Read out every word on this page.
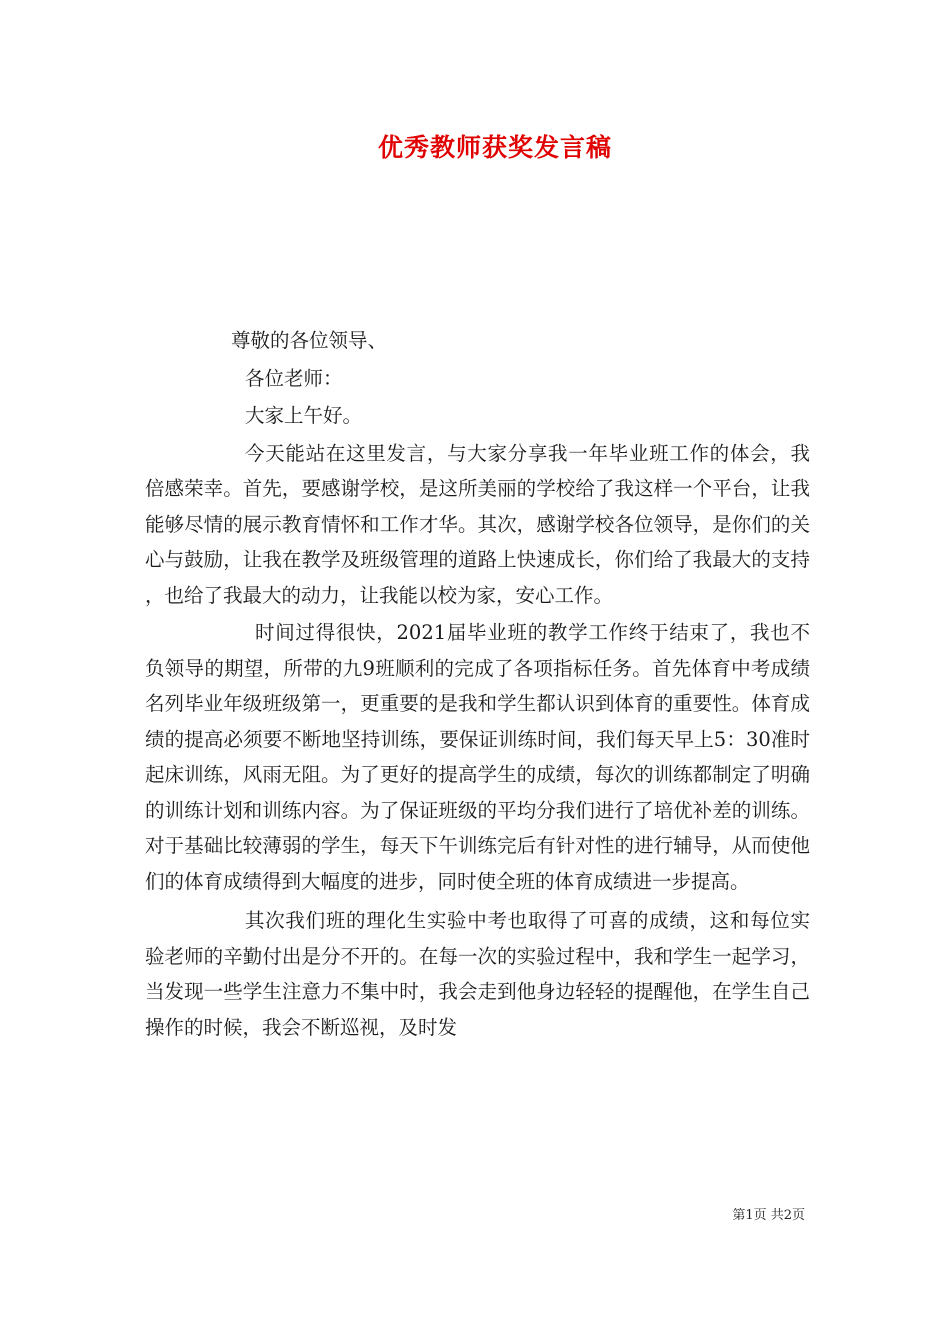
优秀教师获奖发言稿

尊敬的各位领导、

各位老师：

大家上午好。

今天能站在这里发言，与大家分享我一年毕业班工作的体会，我倍感荣幸。首先，要感谢学校，是这所美丽的学校给了我这样一个平台，让我能够尽情的展示教育情怀和工作才华。其次，感谢学校各位领导，是你们的关心与鼓励，让我在教学及班级管理的道路上快速成长，你们给了我最大的支持，也给了我最大的动力，让我能以校为家，安心工作。

时间过得很快，2021届毕业班的教学工作终于结束了，我也不负领导的期望，所带的九9班顺利的完成了各项指标任务。首先体育中考成绩名列毕业年级班级第一，更重要的是我和学生都认识到体育的重要性。体育成绩的提高必须要不断地坚持训练，要保证训练时间，我们每天早上5：30准时起床训练，风雨无阻。为了更好的提高学生的成绩，每次的训练都制定了明确的训练计划和训练内容。为了保证班级的平均分我们进行了培优补差的训练。对于基础比较薄弱的学生，每天下午训练完后有针对性的进行辅导，从而使他们的体育成绩得到大幅度的进步，同时使全班的体育成绩进一步提高。

其次我们班的理化生实验中考也取得了可喜的成绩，这和每位实验老师的辛勤付出是分不开的。在每一次的实验过程中，我和学生一起学习，当发现一些学生注意力不集中时，我会走到他身边轻轻的提醒他，在学生自己操作的时候，我会不断巡视，及时发

第1页 共2页
